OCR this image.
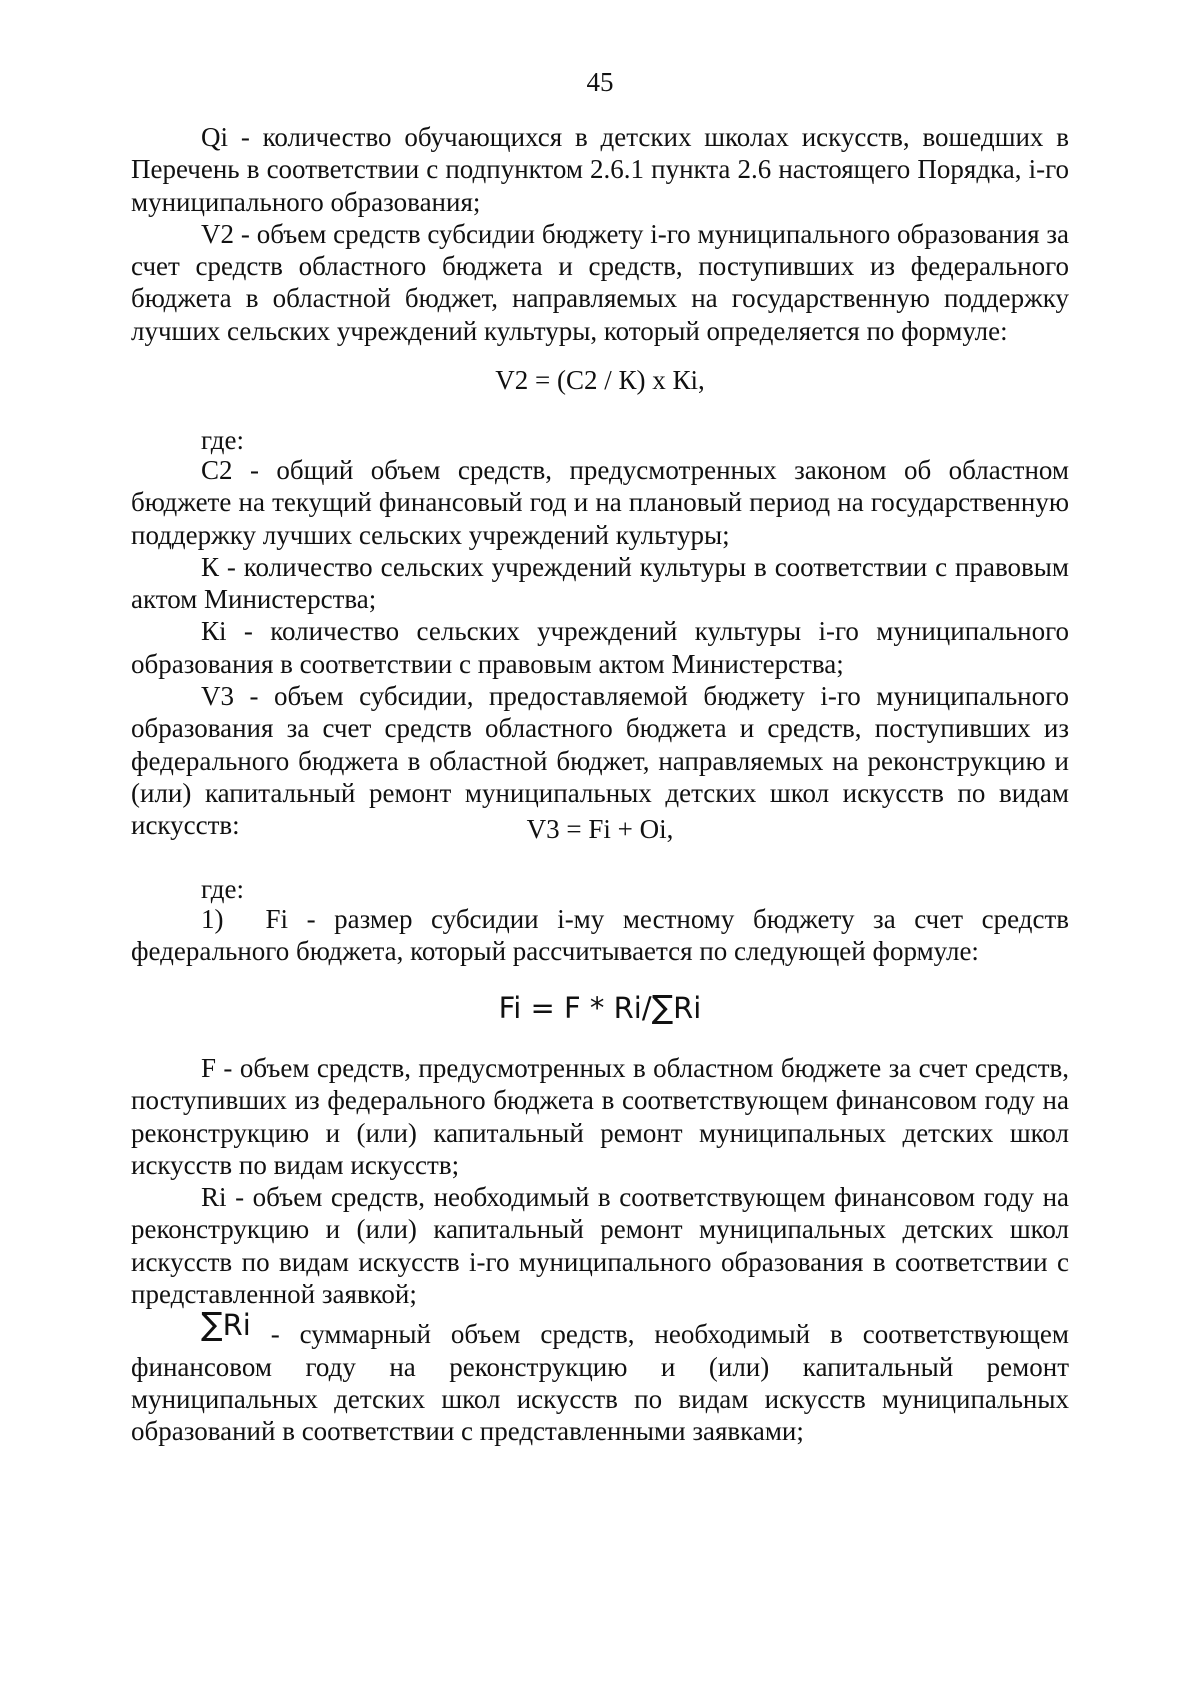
45

Qi - количество обучающихся в детских школах искусств, вошедших в Перечень в соответствии с подпунктом 2.6.1 пункта 2.6 настоящего Порядка, i-го муниципального образования;

V2 - объем средств субсидии бюджету i-го муниципального образования за счет средств областного бюджета и средств, поступивших из федерального бюджета в областной бюджет, направляемых на государственную поддержку лучших сельских учреждений культуры, который определяется по формуле:

V2 = (С2 / К) х Кi,
где:

С2 - общий объем средств, предусмотренных законом об областном бюджете на текущий финансовый год и на плановый период на государственную поддержку лучших сельских учреждений культуры;

К - количество сельских учреждений культуры в соответствии с правовым актом Министерства;

Кi - количество сельских учреждений культуры i-го муниципального образования в соответствии с правовым актом Министерства;

V3 - объем субсидии, предоставляемой бюджету i-го муниципального образования за счет средств областного бюджета и средств, поступивших из федерального бюджета в областной бюджет, направляемых на реконструкцию и (или) капитальный ремонт муниципальных детских школ искусств по видам искусств:	V3 = Fi + Oi,
где:

1) Fi - размер субсидии i-му местному бюджету за счет средств федерального бюджета, который рассчитывается по следующей формуле:

Fi = F * Ri/∑Ri

F - объем средств, предусмотренных в областном бюджете за счет средств, поступивших из федерального бюджета в соответствующем финансовом году на реконструкцию и (или) капитальный ремонт муниципальных детских школ искусств по видам искусств;

Ri - объем средств, необходимый в соответствующем финансовом году на реконструкцию и (или) капитальный ремонт муниципальных детских школ искусств по видам искусств i-го муниципального образования в соответствии с представленной заявкой;

∑Ri - суммарный объем средств, необходимый в соответствующем финансовом году на реконструкцию и (или) капитальный ремонт муниципальных детских школ искусств по видам искусств муниципальных образований в соответствии с представленными заявками;
